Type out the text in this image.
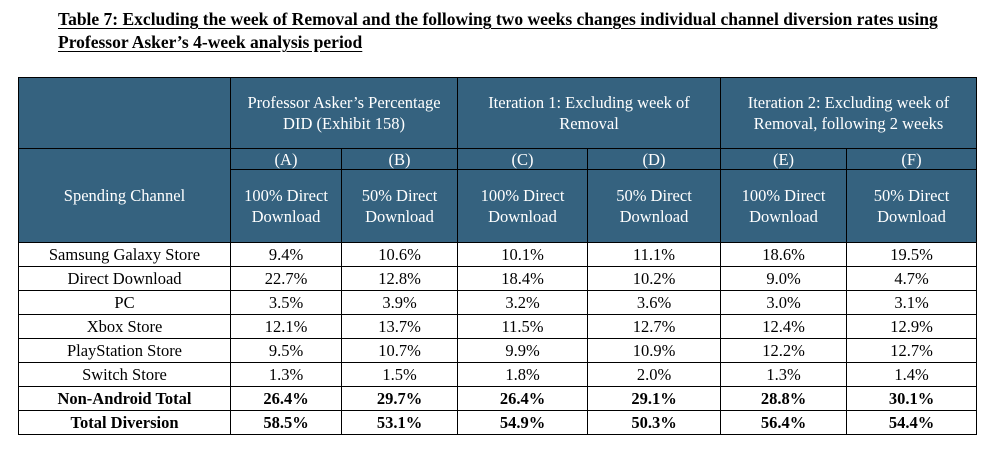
Table 7: Excluding the week of Removal and the following two weeks changes individual channel diversion rates using Professor Asker’s 4-week analysis period
	Professor Asker’s Percentage DID (Exhibit 158)		Iteration 1: Excluding week of Removal		Iteration 2: Excluding week of Removal, following 2 weeks	
Spending Channel	(A)	(B)	(C)	(D)	(E)	(F)
	100% Direct Download	50% Direct Download	100% Direct Download	50% Direct Download	100% Direct Download	50% Direct Download
Samsung Galaxy Store	9.4%	10.6%	10.1%	11.1%	18.6%	19.5%
Direct Download	22.7%	12.8%	18.4%	10.2%	9.0%	4.7%
PC	3.5%	3.9%	3.2%	3.6%	3.0%	3.1%
Xbox Store	12.1%	13.7%	11.5%	12.7%	12.4%	12.9%
PlayStation Store	9.5%	10.7%	9.9%	10.9%	12.2%	12.7%
Switch Store	1.3%	1.5%	1.8%	2.0%	1.3%	1.4%
Non-Android Total	26.4%	29.7%	26.4%	29.1%	28.8%	30.1%
Total Diversion	58.5%	53.1%	54.9%	50.3%	56.4%	54.4%
